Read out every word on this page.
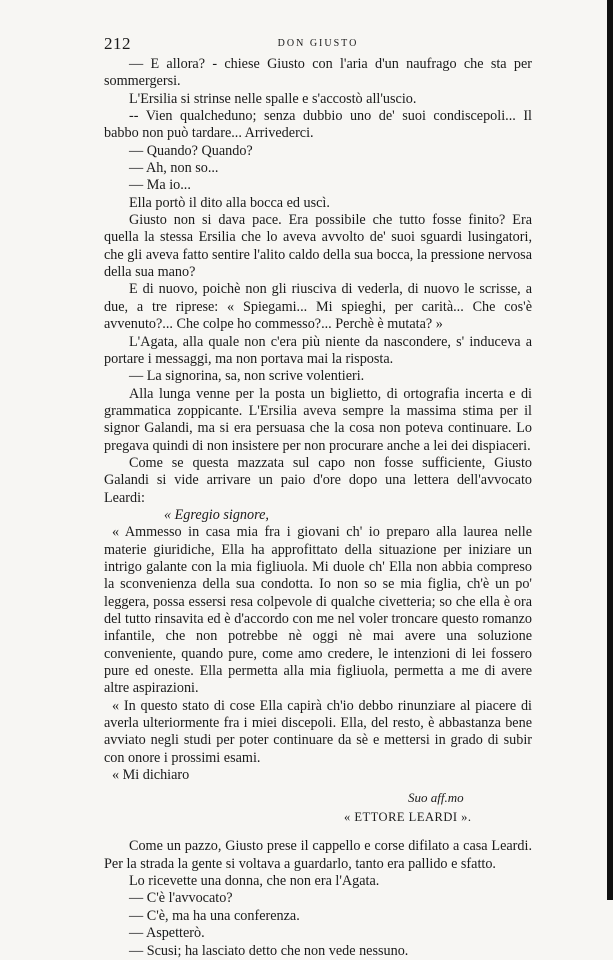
212	DON GIUSTO

— E allora? - chiese Giusto con l'aria d'un naufrago che sta per sommergersi.

L'Ersilia si strinse nelle spalle e s'accostò all'uscio.

-- Vien qualcheduno; senza dubbio uno de' suoi condiscepoli... Il babbo non può tardare... Arrivederci.

— Quando? Quando?

— Ah, non so...

— Ma io...

Ella portò il dito alla bocca ed uscì.

Giusto non si dava pace. Era possibile che tutto fosse finito? Era quella la stessa Ersilia che lo aveva avvolto de' suoi sguardi lusingatori, che gli aveva fatto sentire l'alito caldo della sua bocca, la pressione nervosa della sua mano?

E di nuovo, poichè non gli riusciva di vederla, di nuovo le scrisse, a due, a tre riprese: « Spiegami... Mi spieghi, per carità... Che cos'è avvenuto?... Che colpe ho commesso?... Perchè è mutata? »

L'Agata, alla quale non c'era più niente da nascondere, s' induceva a portare i messaggi, ma non portava mai la risposta.

— La signorina, sa, non scrive volentieri.

Alla lunga venne per la posta un biglietto, di ortografia incerta e di grammatica zoppicante. L'Ersilia aveva sempre la massima stima per il signor Galandi, ma si era persuasa che la cosa non poteva continuare. Lo pregava quindi di non insistere per non procurare anche a lei dei dispiaceri.

Come se questa mazzata sul capo non fosse sufficiente, Giusto Galandi si vide arrivare un paio d'ore dopo una lettera dell'avvocato Leardi:

« Egregio signore,

« Ammesso in casa mia fra i giovani ch' io preparo alla laurea nelle materie giuridiche, Ella ha approfittato della situazione per iniziare un intrigo galante con la mia figliuola. Mi duole ch' Ella non abbia compreso la sconvenienza della sua condotta. Io non so se mia figlia, ch'è un po' leggera, possa essersi resa colpevole di qualche civetteria; so che ella è ora del tutto rinsavita ed è d'accordo con me nel voler troncare questo romanzo infantile, che non potrebbe nè oggi nè mai avere una soluzione conveniente, quando pure, come amo credere, le intenzioni di lei fossero pure ed oneste. Ella permetta alla mia figliuola, permetta a me di avere altre aspirazioni.

« In questo stato di cose Ella capirà ch'io debbo rinunziare al piacere di averla ulteriormente fra i miei discepoli. Ella, del resto, è abbastanza bene avviato negli studi per poter continuare da sè e mettersi in grado di subir con onore i prossimi esami.

« Mi dichiaro

Suo aff.mo
« ETTORE LEARDI ».

Come un pazzo, Giusto prese il cappello e corse difilato a casa Leardi. Per la strada la gente si voltava a guardarlo, tanto era pallido e sfatto.

Lo ricevette una donna, che non era l'Agata.

— C'è l'avvocato?

— C'è, ma ha una conferenza.

— Aspetterò.

— Scusi; ha lasciato detto che non vede nessuno.
